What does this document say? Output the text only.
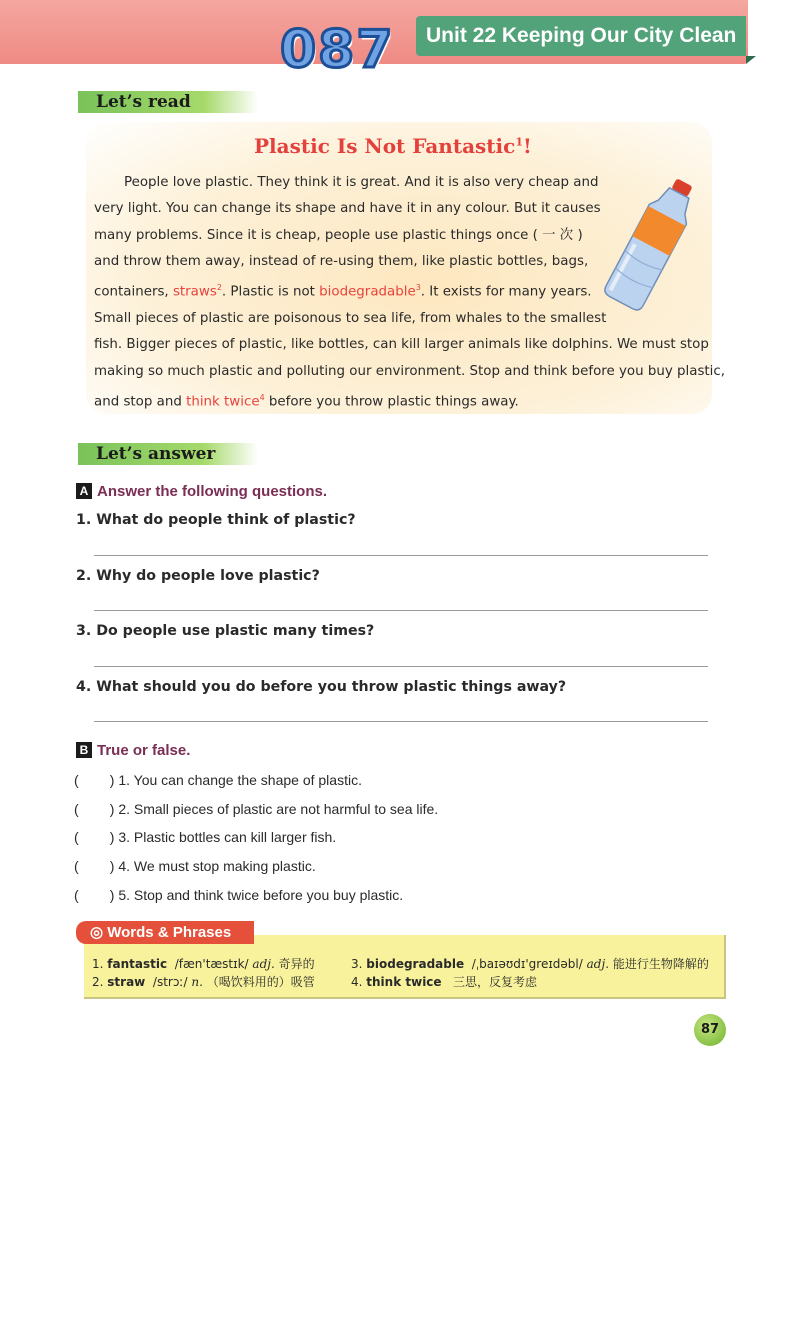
087	Unit 22 Keeping Our City Clean
Let’s read
Plastic Is Not Fantastic$^1$!
People love plastic. They think it is great. And it is also very cheap and
very light. You can change its shape and have it in any colour. But it causes
many problems. Since it is cheap, people use plastic things once ( 一 次 )
and throw them away, instead of re-using them, like plastic bottles, bags,
containers, straws$^2$. Plastic is not biodegradable$^3$. It exists for many years.
Small pieces of plastic are poisonous to sea life, from whales to the smallest
fish. Bigger pieces of plastic, like bottles, can kill larger animals like dolphins. We must stop
making so much plastic and polluting our environment. Stop and think before you buy plastic,
and stop and think twice$^4$ before you throw plastic things away.
Let’s answer
A Answer the following questions.
1. What do people think of plastic?
2. Why do people love plastic?
3. Do people use plastic many times?
4. What should you do before you throw plastic things away?
B True or false.
(        ) 1. You can change the shape of plastic.
(        ) 2. Small pieces of plastic are not harmful to sea life.
(        ) 3. Plastic bottles can kill larger fish.
(        ) 4. We must stop making plastic.
(        ) 5. Stop and think twice before you buy plastic.
◎ Words & Phrases
1. fantastic /fæn'tæstɪk/ adj. 奇异的
2. straw /strɔː/ n. （喝饮料用的）吸管
3. biodegradable /ˌbaɪəʊdɪ'greɪdəbl/ adj. 能进行生物降解的
4. think twice 三思，反复考虑
87
